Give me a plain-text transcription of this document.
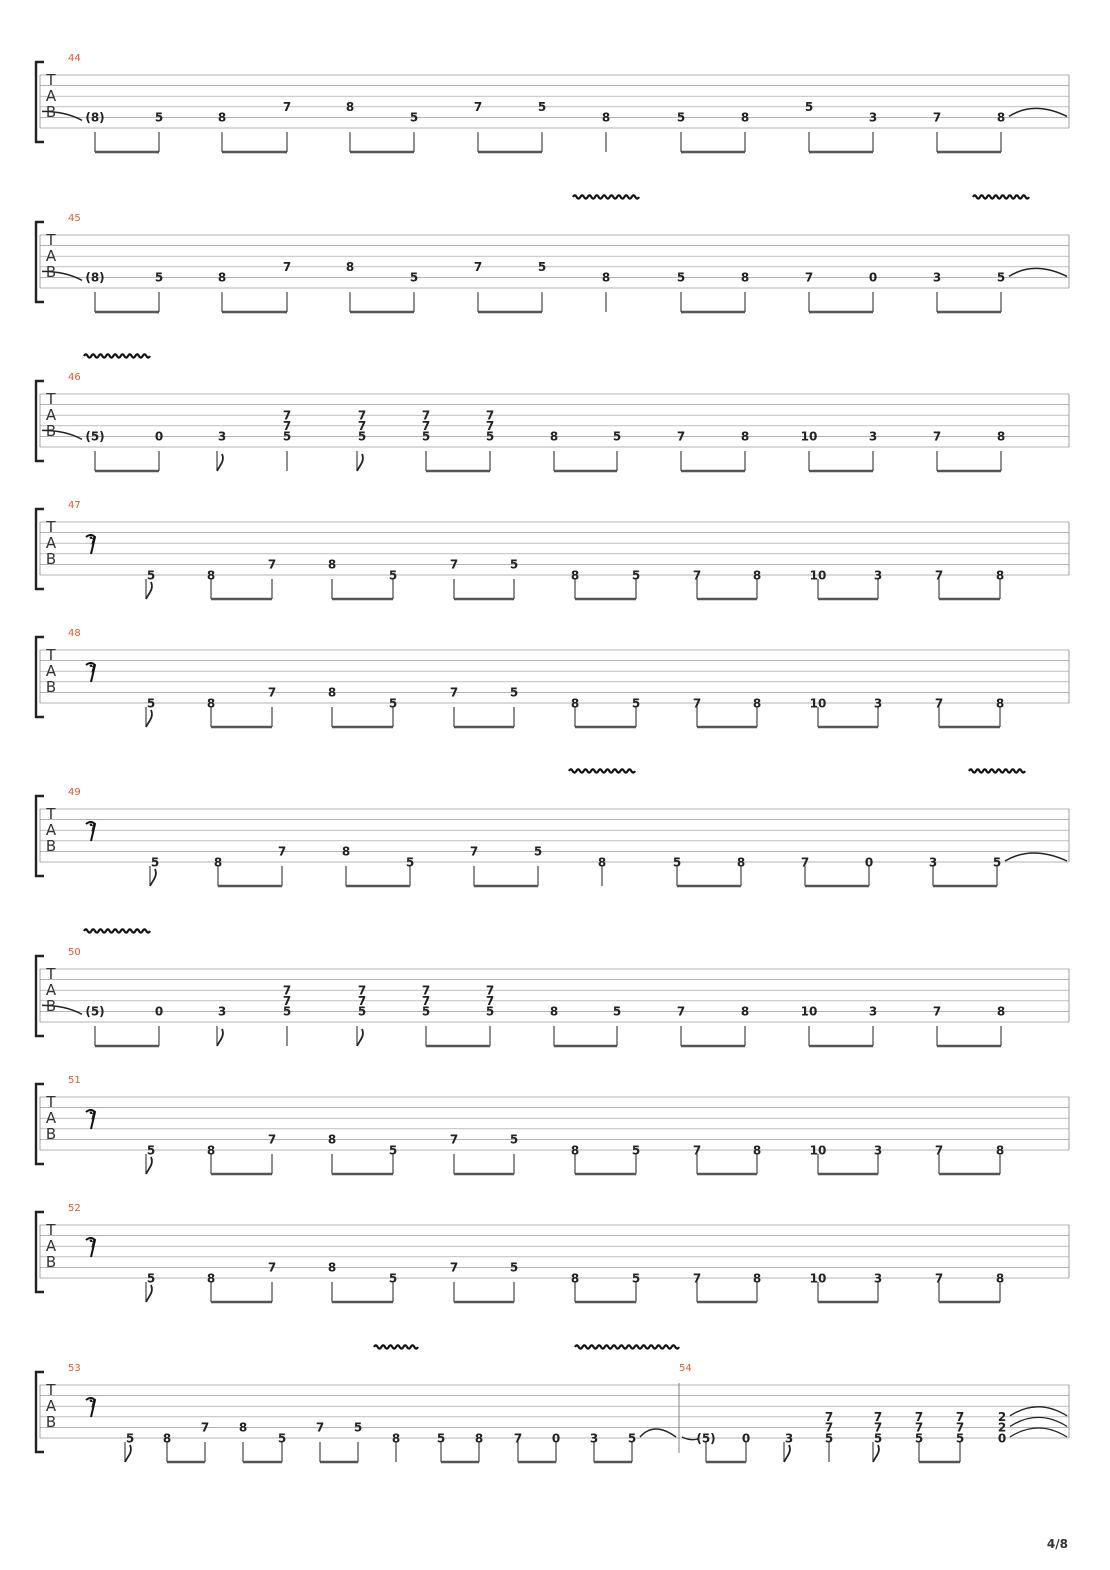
T
A
B
44
(8)	5	8
7	8
5
7	5
8	5	8
5
3	7	8
T
A
B
45
(8)	5	8
7	8
5
7	5
8	5	8	7	0	3	5
T
A
B
46
(5)	0	3
7
7
5
7
7
5
7
7
5
7
7
5	8	5	7	8	10	3	7	8
T
A
B
47
𝄾
5	8
7	8
5
7	5
8	5	7	8	10	3	7	8
T
A
B
48
𝄾
5	8
7	8
5
7	5
8	5	7	8	10	3	7	8
T
A
B
49
𝄾
5	8
7	8
5
7	5
8	5	8	7	0	3	5
T
A
B
50
(5)	0	3
7
7
5
7
7
5
7
7
5
7
7
5	8	5	7	8	10	3	7	8
T
A
B
51
𝄾
5	8
7	8
5
7	5
8	5	7	8	10	3	7	8
T
A
B
52
𝄾
5	8
7	8
5
7	5
8	5	7	8	10	3	7	8
T
A
B
53
𝄾
5 8
7 8
5
7 5
8	5 8	7 0 3 5
54
(5) 0	3
7
7
5
7
7
5
7
7
5
7
7
5
2
2
0
4/8
